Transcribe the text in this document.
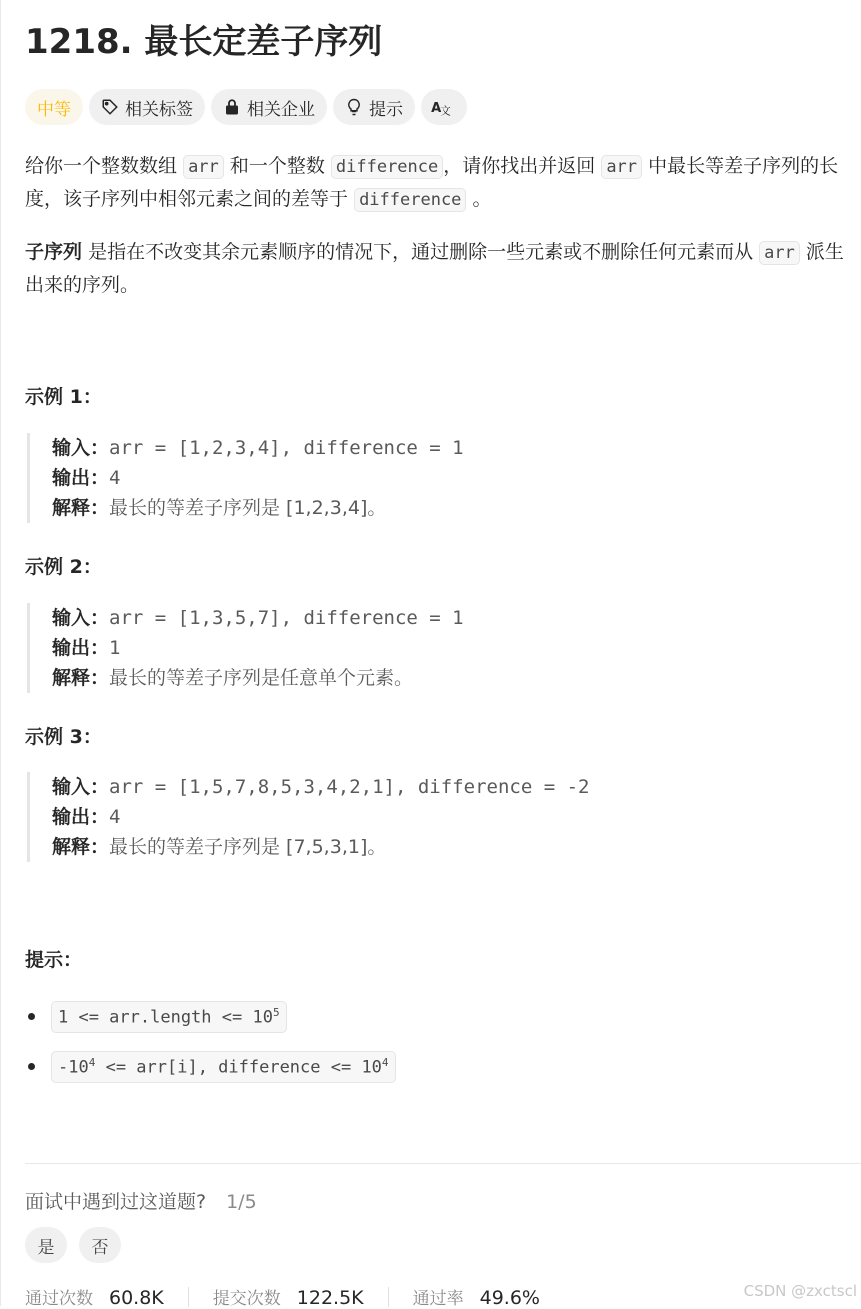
1218. 最长定差子序列
中等	相关标签	相关企业	提示 A
文
给你一个整数数组 arr 和一个整数 difference ，请你找出并返回 arr 中最长等差子序列的长度，该子序列中相邻元素之间的差等于 difference 。
子序列 是指在不改变其余元素顺序的情况下，通过删除一些元素或不删除任何元素而从 arr 派生出来的序列。
示例 1：
输入：arr = [1,2,3,4], difference = 1
输出：4
解释：最长的等差子序列是 [1,2,3,4]。
示例 2：
输入：arr = [1,3,5,7], difference = 1
输出：1
解释：最长的等差子序列是任意单个元素。
示例 3：
输入：arr = [1,5,7,8,5,3,4,2,1], difference = -2
输出：4
解释：最长的等差子序列是 [7,5,3,1]。
提示：
1 <= arr.length <= $10^5$
$-10^4 <= arr[i]$, difference <= $10^4$
面试中遇到过这道题? 1/5
是	否
通过次数 60.8K	提交次数 122.5K	通过率 49.6%	CSDN @zxctscl
